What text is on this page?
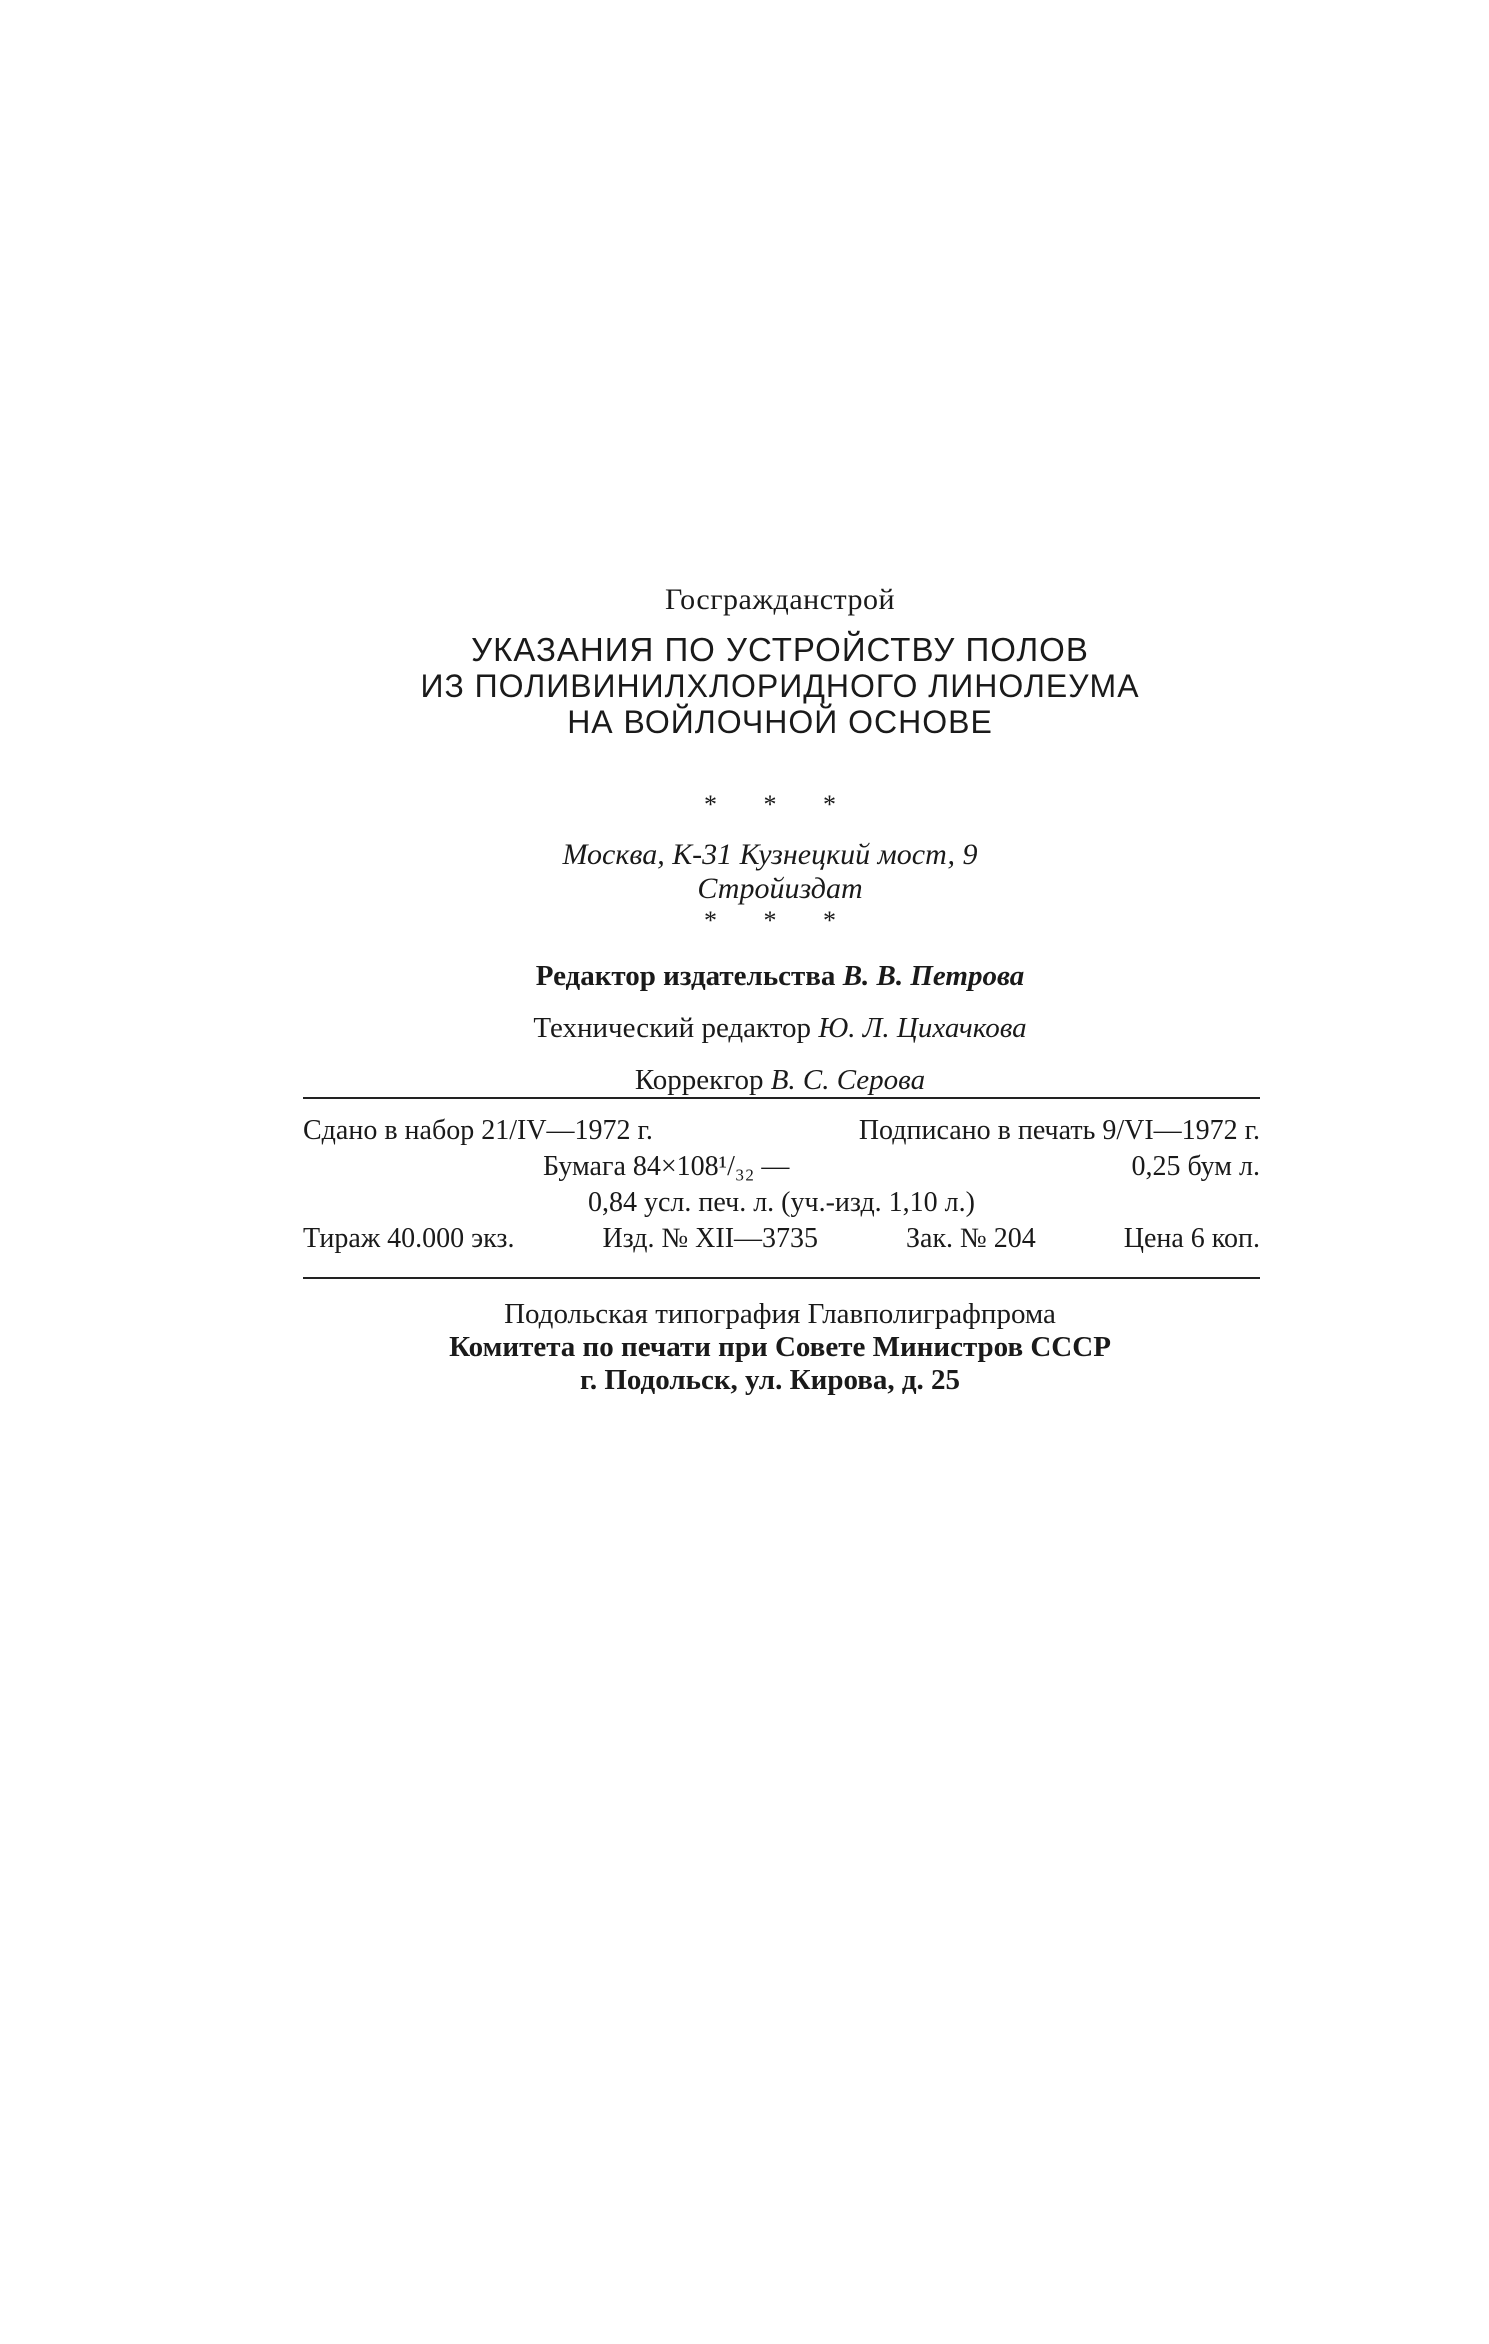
Госгражданстрой
УКАЗАНИЯ ПО УСТРОЙСТВУ ПОЛОВ
ИЗ ПОЛИВИНИЛХЛОРИДНОГО ЛИНОЛЕУМА
НА ВОЙЛОЧНОЙ ОСНОВЕ
* * *
Москва, К-31 Кузнецкий мост, 9
Стройиздат
* * *
Редактор издательства В. В. Петрова
Технический редактор Ю. Л. Цихачкова
Коррекгор В. С. Серова
Сдано в набор 21/IV—1972 г.	Подписано в печать 9/VI—1972 г.
Бумага 84×108¹/₃₂ —	0,25 бум л.
0,84 усл. печ. л. (уч.-изд. 1,10 л.)
Тираж 40.000 экз.	Изд. № XII—3735	Зак. № 204	Цена 6 коп.
Подольская типография Главполиграфпрома
Комитета по печати при Совете Министров СССР
г. Подольск, ул. Кирова, д. 25
